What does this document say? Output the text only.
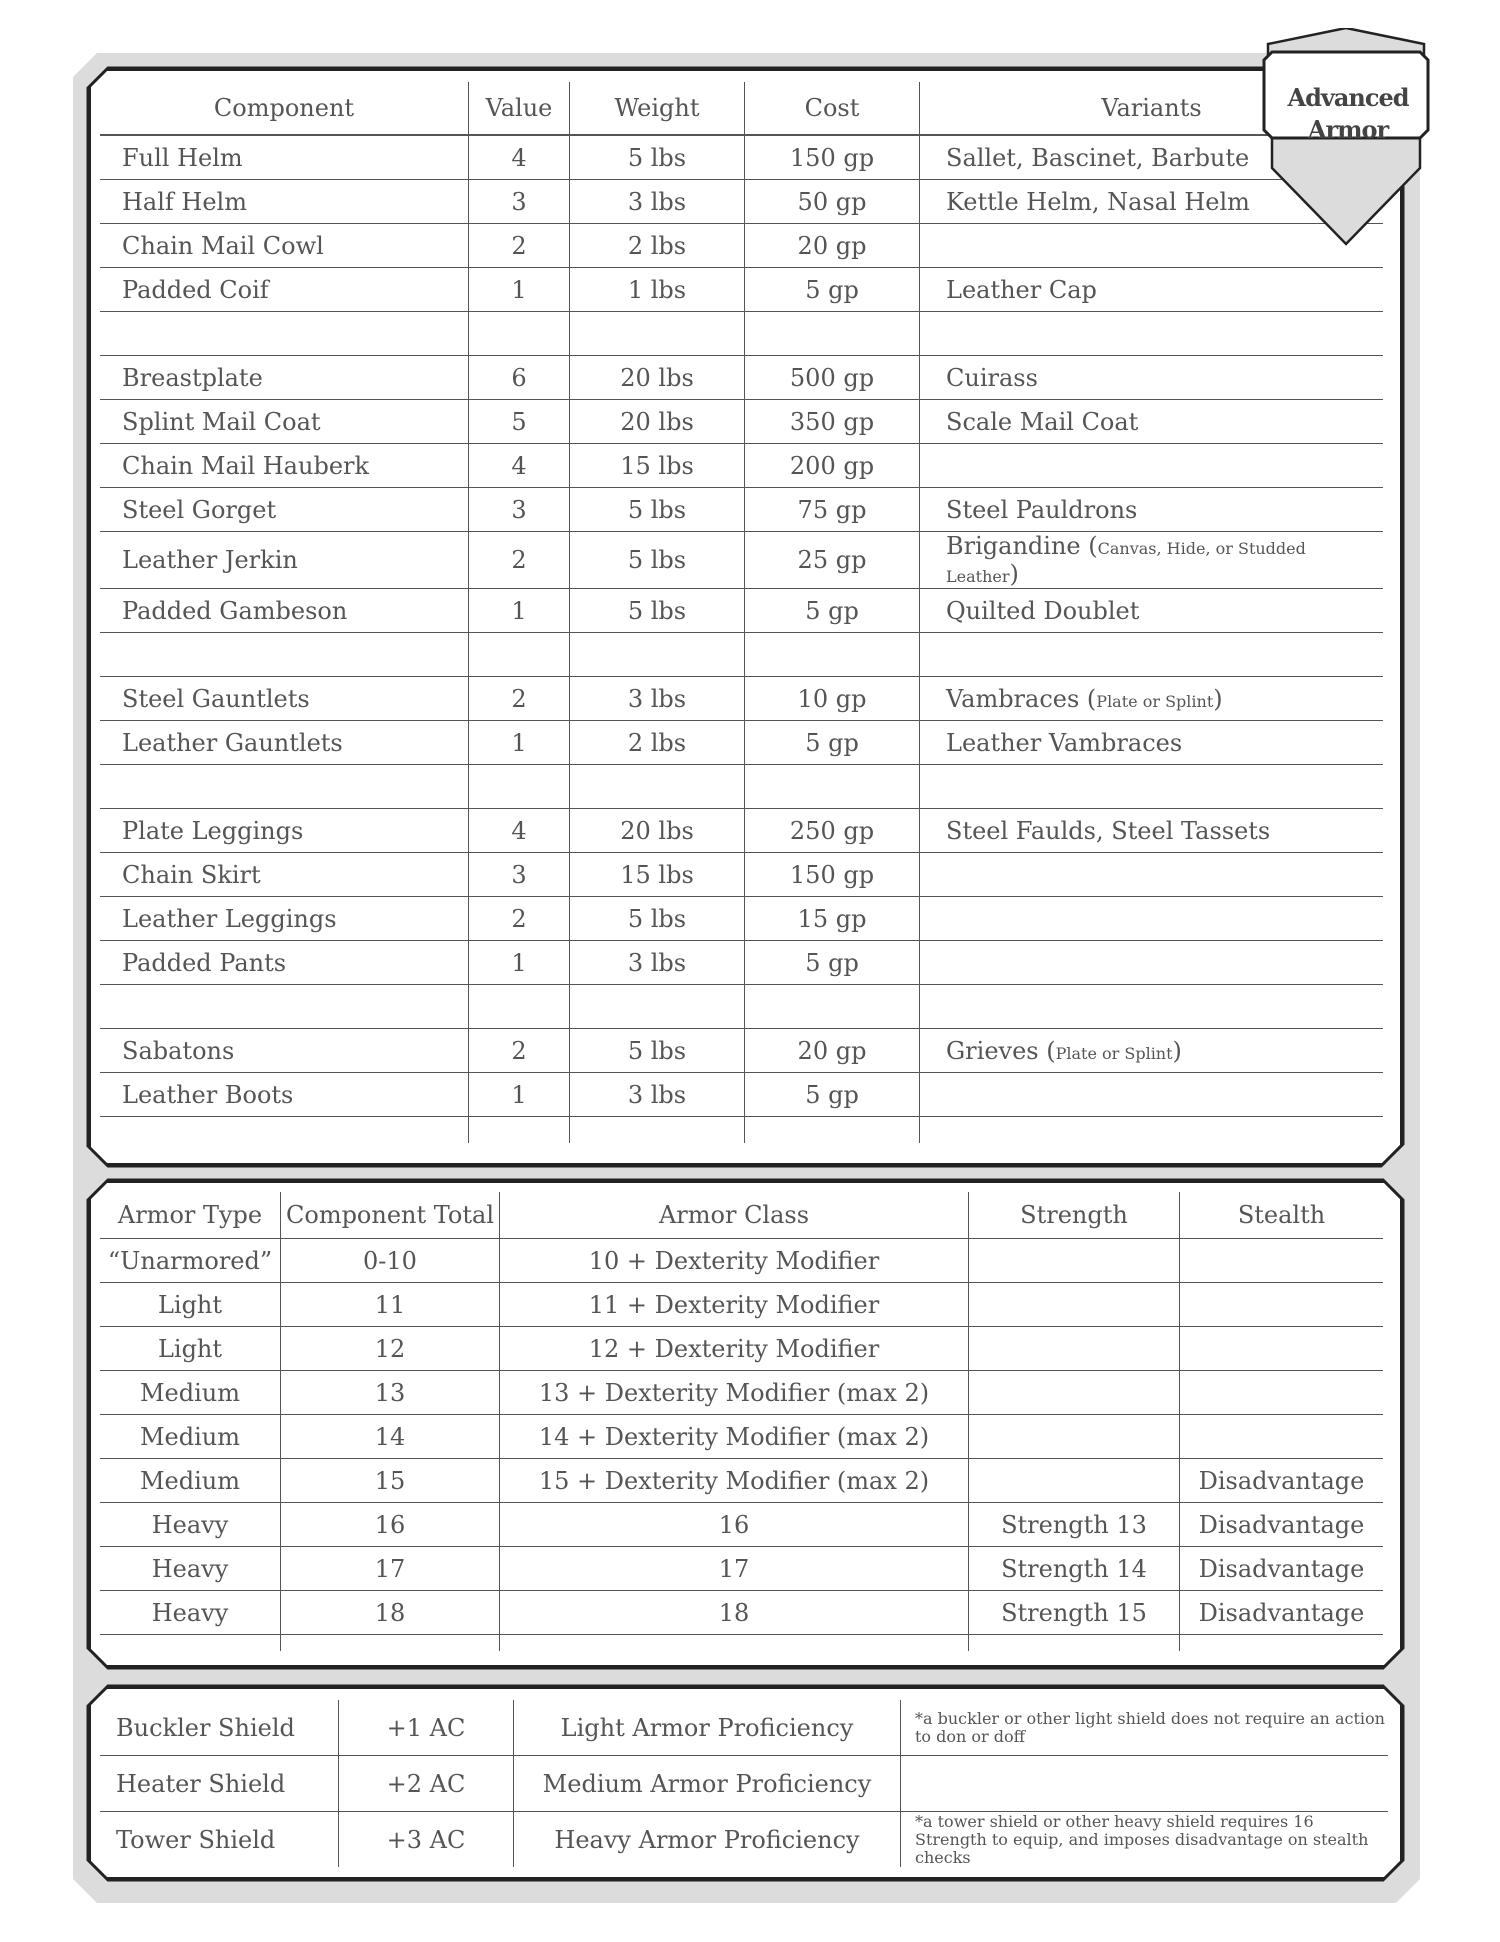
Component	Value	Weight	Cost	Variants
Full Helm	4	5 lbs	150 gp	Sallet, Bascinet, Barbute
Half Helm	3	3 lbs	50 gp	Kettle Helm, Nasal Helm
Chain Mail Cowl	2	2 lbs	20 gp	
Padded Coif	1	1 lbs	5 gp	Leather Cap

Breastplate	6	20 lbs	500 gp	Cuirass
Splint Mail Coat	5	20 lbs	350 gp	Scale Mail Coat
Chain Mail Hauberk	4	15 lbs	200 gp	
Steel Gorget	3	5 lbs	75 gp	Steel Pauldrons
Leather Jerkin	2	5 lbs	25 gp	Brigandine (Canvas, Hide, or Studded Leather)
Padded Gambeson	1	5 lbs	5 gp	Quilted Doublet

Steel Gauntlets	2	3 lbs	10 gp	Vambraces (Plate or Splint)
Leather Gauntlets	1	2 lbs	5 gp	Leather Vambraces

Plate Leggings	4	20 lbs	250 gp	Steel Faulds, Steel Tassets
Chain Skirt	3	15 lbs	150 gp	
Leather Leggings	2	5 lbs	15 gp	
Padded Pants	1	3 lbs	5 gp	

Sabatons	2	5 lbs	20 gp	Grieves (Plate or Splint)
Leather Boots	1	3 lbs	5 gp	

Armor Type	Component Total	Armor Class	Strength	Stealth
“Unarmored”	0-10	10 + Dexterity Modifier		
Light	11	11 + Dexterity Modifier		
Light	12	12 + Dexterity Modifier		
Medium	13	13 + Dexterity Modifier (max 2)		
Medium	14	14 + Dexterity Modifier (max 2)		
Medium	15	15 + Dexterity Modifier (max 2)		Disadvantage
Heavy	16	16	Strength 13	Disadvantage
Heavy	17	17	Strength 14	Disadvantage
Heavy	18	18	Strength 15	Disadvantage

Buckler Shield	+1 AC	Light Armor Proficiency	*a buckler or other light shield does not require an action to don or doff
Heater Shield	+2 AC	Medium Armor Proficiency	
Tower Shield	+3 AC	Heavy Armor Proficiency	*a tower shield or other heavy shield requires 16 Strength to equip, and imposes disadvantage on stealth checks
Advanced
Armor
